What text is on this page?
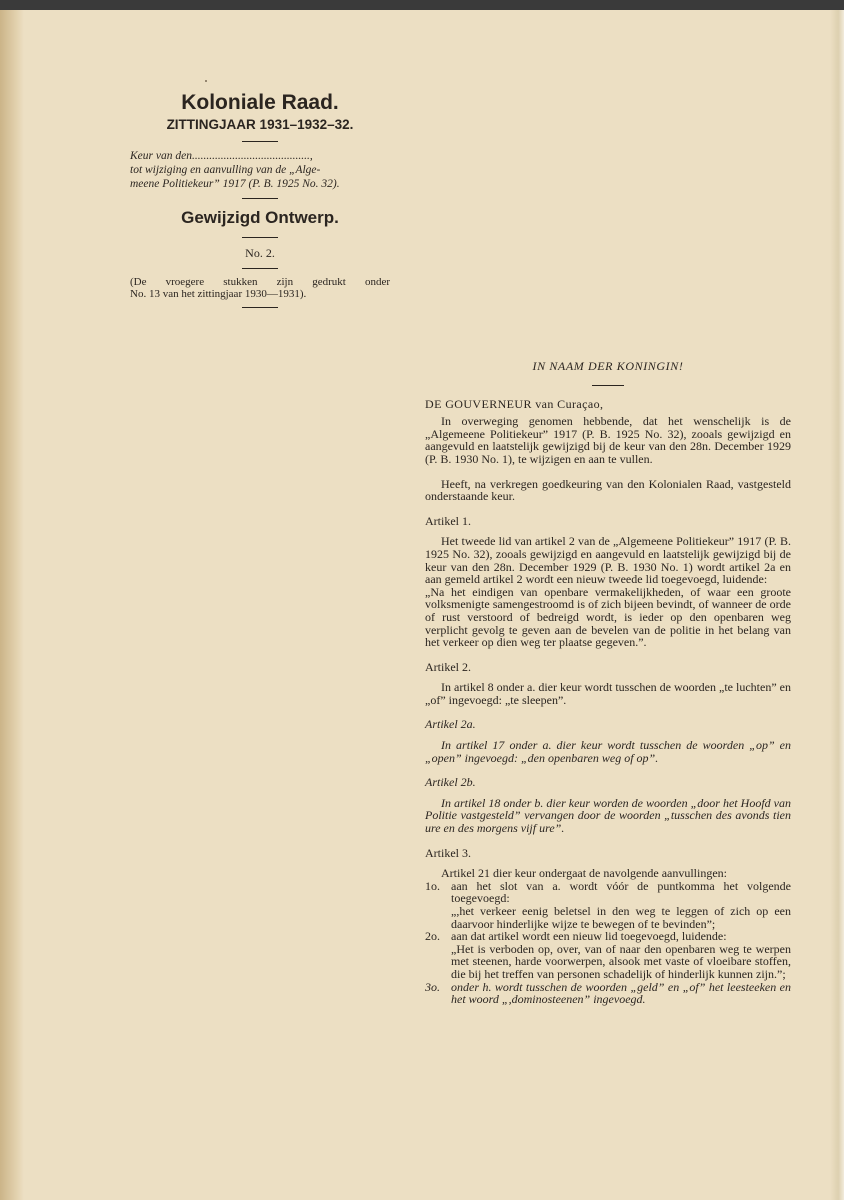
Koloniale Raad.
ZITTINGJAAR 1931–1932–32.
Keur van den.........................................,
tot wijziging en aanvulling van de „Alge-
meene Politiekeur” 1917 (P. B. 1925 No. 32).
Gewijzigd Ontwerp.
No. 2.
(De vroegere stukken zijn gedrukt onder
No. 13 van het zittingjaar 1930—1931).

IN NAAM DER KONINGIN!

DE GOUVERNEUR van Curaçao,

In overweging genomen hebbende, dat het wenschelijk is de „Algemeene Politiekeur” 1917 (P. B. 1925 No. 32), zooals gewijzigd en aangevuld en laatstelijk gewijzigd bij de keur van den 28n. December 1929 (P. B. 1930 No. 1), te wijzigen en aan te vullen.

Heeft, na verkregen goedkeuring van den Kolonialen Raad, vastgesteld onderstaande keur.

Artikel 1.

Het tweede lid van artikel 2 van de „Algemeene Politiekeur” 1917 (P. B. 1925 No. 32), zooals gewijzigd en aangevuld en laatstelijk gewijzigd bij de keur van den 28n. December 1929 (P. B. 1930 No. 1) wordt artikel 2a en aan gemeld artikel 2 wordt een nieuw tweede lid toegevoegd, luidende:

„Na het eindigen van openbare vermakelijkheden, of waar een groote volksmenigte samengestroomd is of zich bijeen bevindt, of wanneer de orde of rust verstoord of bedreigd wordt, is ieder op den openbaren weg verplicht gevolg te geven aan de bevelen van de politie in het belang van het verkeer op dien weg ter plaatse gegeven.”.

Artikel 2.

In artikel 8 onder a. dier keur wordt tusschen de woorden „te luchten” en „of” ingevoegd: „te sleepen”.

Artikel 2a.

In artikel 17 onder a. dier keur wordt tusschen de woorden „op” en „open” ingevoegd: „den openbaren weg of op”.

Artikel 2b.

In artikel 18 onder b. dier keur worden de woorden „door het Hoofd van Politie vastgesteld” vervangen door de woorden „tusschen des avonds tien ure en des morgens vijf ure”.

Artikel 3.

Artikel 21 dier keur ondergaat de navolgende aanvullingen:

1o. aan het slot van a. wordt vóór de puntkomma het volgende toegevoegd:
„,het verkeer eenig beletsel in den weg te leggen of zich op een daarvoor hinderlijke wijze te bewegen of te bevinden”;
2o. aan dat artikel wordt een nieuw lid toegevoegd, luidende:
„Het is verboden op, over, van of naar den openbaren weg te werpen met steenen, harde voorwerpen, alsook met vaste of vloeibare stoffen, die bij het treffen van personen schadelijk of hinderlijk kunnen zijn.”;
3o. onder h. wordt tusschen de woorden „geld” en „of” het leesteeken en het woord „,dominosteenen” ingevoegd.
